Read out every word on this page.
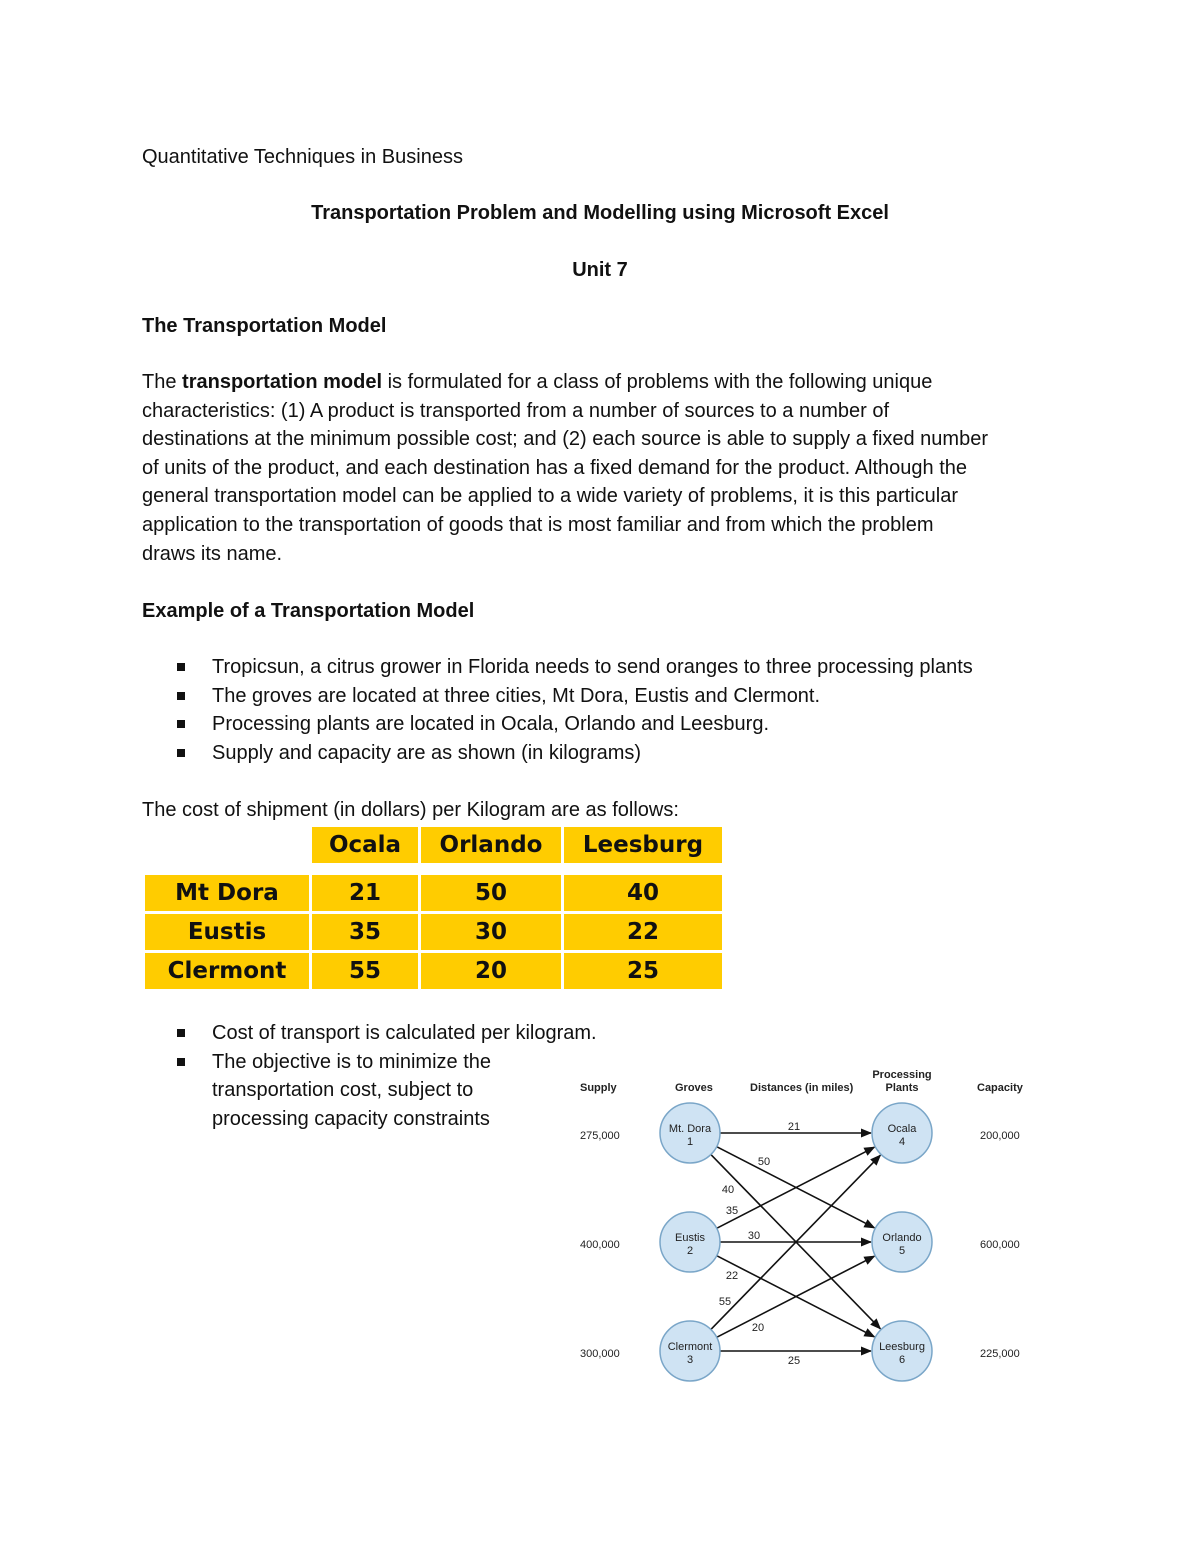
Quantitative Techniques in Business
Transportation Problem and Modelling using Microsoft Excel
Unit 7
The Transportation Model

The transportation model is formulated for a class of problems with the following unique

characteristics: (1) A product is transported from a number of sources to a number of

destinations at the minimum possible cost; and (2) each source is able to supply a fixed number

of units of the product, and each destination has a fixed demand for the product. Although the

general transportation model can be applied to a wide variety of problems, it is this particular

application to the transportation of goods that is most familiar and from which the problem

draws its name.

Example of a Transportation Model
Tropicsun, a citrus grower in Florida needs to send oranges to three processing plants
The groves are located at three cities, Mt Dora, Eustis and Clermont.
Processing plants are located in Ocala, Orlando and Leesburg.
Supply and capacity are as shown (in kilograms)
The cost of shipment (in dollars) per Kilogram are as follows:
	Ocala	Orlando	Leesburg

Mt Dora	21	50	40
Eustis	35	30	22
Clermont	55	20	25
Cost of transport is calculated per kilogram.
The objective is to minimize the transportation cost, subject to processing capacity constraints
Supply	Groves	Distances (in miles)
Processing
Plants	Capacity
21
50
40
35
30
22
55
20
25
Mt. Dora
1
Eustis
2
Clermont
3
Ocala
4
Orlando
5
Leesburg
6
275,000
400,000
300,000
200,000
600,000
225,000
